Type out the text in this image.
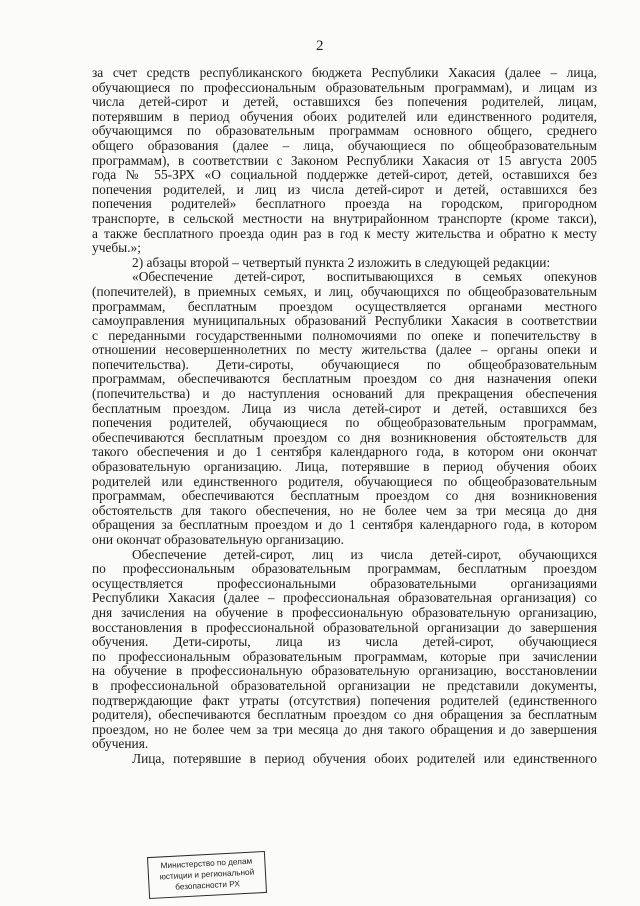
2
за счет средств республиканского бюджета Республики Хакасия (далее – лица,
обучающиеся по профессиональным образовательным программам), и лицам из
числа детей-сирот и детей, оставшихся без попечения родителей, лицам,
потерявшим в период обучения обоих родителей или единственного родителя,
обучающимся по образовательным программам основного общего, среднего
общего образования (далее – лица, обучающиеся по общеобразовательным
программам), в соответствии с Законом Республики Хакасия от 15 августа 2005
года № 55-ЗРХ «О социальной поддержке детей-сирот, детей, оставшихся без
попечения родителей, и лиц из числа детей-сирот и детей, оставшихся без
попечения родителей» бесплатного проезда на городском, пригородном
транспорте, в сельской местности на внутрирайонном транспорте (кроме такси),
а также бесплатного проезда один раз в год к месту жительства и обратно к месту
учебы.»;
2) абзацы второй – четвертый пункта 2 изложить в следующей редакции:
«Обеспечение детей-сирот, воспитывающихся в семьях опекунов
(попечителей), в приемных семьях, и лиц, обучающихся по общеобразовательным
программам, бесплатным проездом осуществляется органами местного
самоуправления муниципальных образований Республики Хакасия в соответствии
с переданными государственными полномочиями по опеке и попечительству в
отношении несовершеннолетних по месту жительства (далее – органы опеки и
попечительства). Дети-сироты, обучающиеся по общеобразовательным
программам, обеспечиваются бесплатным проездом со дня назначения опеки
(попечительства) и до наступления оснований для прекращения обеспечения
бесплатным проездом. Лица из числа детей-сирот и детей, оставшихся без
попечения родителей, обучающиеся по общеобразовательным программам,
обеспечиваются бесплатным проездом со дня возникновения обстоятельств для
такого обеспечения и до 1 сентября календарного года, в котором они окончат
образовательную организацию. Лица, потерявшие в период обучения обоих
родителей или единственного родителя, обучающиеся по общеобразовательным
программам, обеспечиваются бесплатным проездом со дня возникновения
обстоятельств для такого обеспечения, но не более чем за три месяца до дня
обращения за бесплатным проездом и до 1 сентября календарного года, в котором
они окончат образовательную организацию.
Обеспечение детей-сирот, лиц из числа детей-сирот, обучающихся
по профессиональным образовательным программам, бесплатным проездом
осуществляется профессиональными образовательными организациями
Республики Хакасия (далее – профессиональная образовательная организация) со
дня зачисления на обучение в профессиональную образовательную организацию,
восстановления в профессиональной образовательной организации до завершения
обучения. Дети-сироты, лица из числа детей-сирот, обучающиеся
по профессиональным образовательным программам, которые при зачислении
на обучение в профессиональную образовательную организацию, восстановлении
в профессиональной образовательной организации не представили документы,
подтверждающие факт утраты (отсутствия) попечения родителей (единственного
родителя), обеспечиваются бесплатным проездом со дня обращения за бесплатным
проездом, но не более чем за три месяца до дня такого обращения и до завершения
обучения.
Лица, потерявшие в период обучения обоих родителей или единственного
Министерство по делам
юстиции и региональной
безопасности РХ
